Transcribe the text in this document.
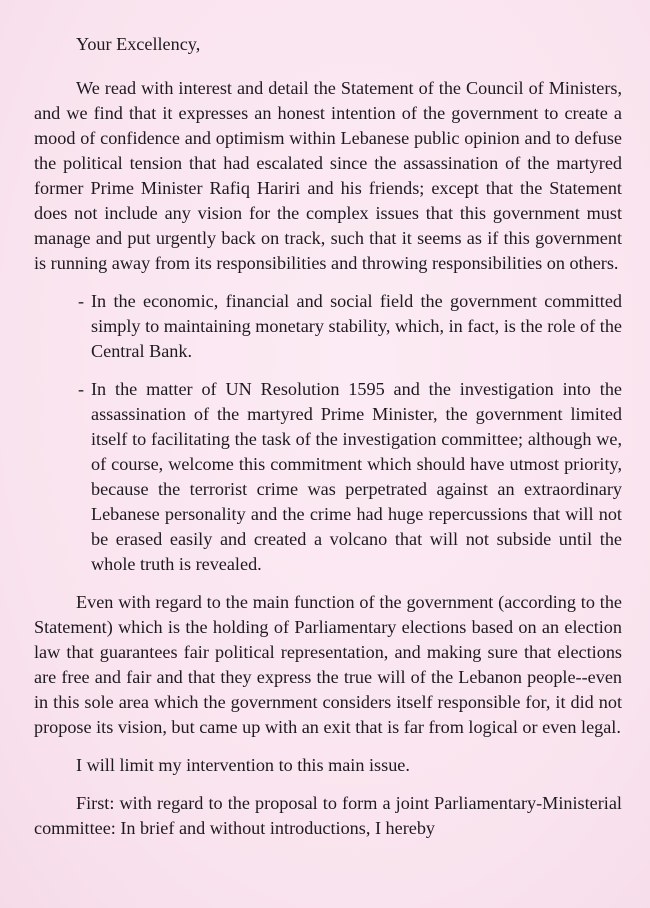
Your Excellency,

We read with interest and detail the Statement of the Council of Ministers, and we find that it expresses an honest intention of the government to create a mood of confidence and optimism within Lebanese public opinion and to defuse the political tension that had escalated since the assassination of the martyred former Prime Minister Rafiq Hariri and his friends; except that the Statement does not include any vision for the complex issues that this government must manage and put urgently back on track, such that it seems as if this government is running away from its responsibilities and throwing responsibilities on others.

- In the economic, financial and social field the government committed simply to maintaining monetary stability, which, in fact, is the role of the Central Bank.

- In the matter of UN Resolution 1595 and the investigation into the assassination of the martyred Prime Minister, the government limited itself to facilitating the task of the investigation committee; although we, of course, welcome this commitment which should have utmost priority, because the terrorist crime was perpetrated against an extraordinary Lebanese personality and the crime had huge repercussions that will not be erased easily and created a volcano that will not subside until the whole truth is revealed.

Even with regard to the main function of the government (according to the Statement) which is the holding of Parliamentary elections based on an election law that guarantees fair political representation, and making sure that elections are free and fair and that they express the true will of the Lebanon people--even in this sole area which the government considers itself responsible for, it did not propose its vision, but came up with an exit that is far from logical or even legal.

I will limit my intervention to this main issue.

First: with regard to the proposal to form a joint Parliamentary-Ministerial committee: In brief and without introductions, I hereby
